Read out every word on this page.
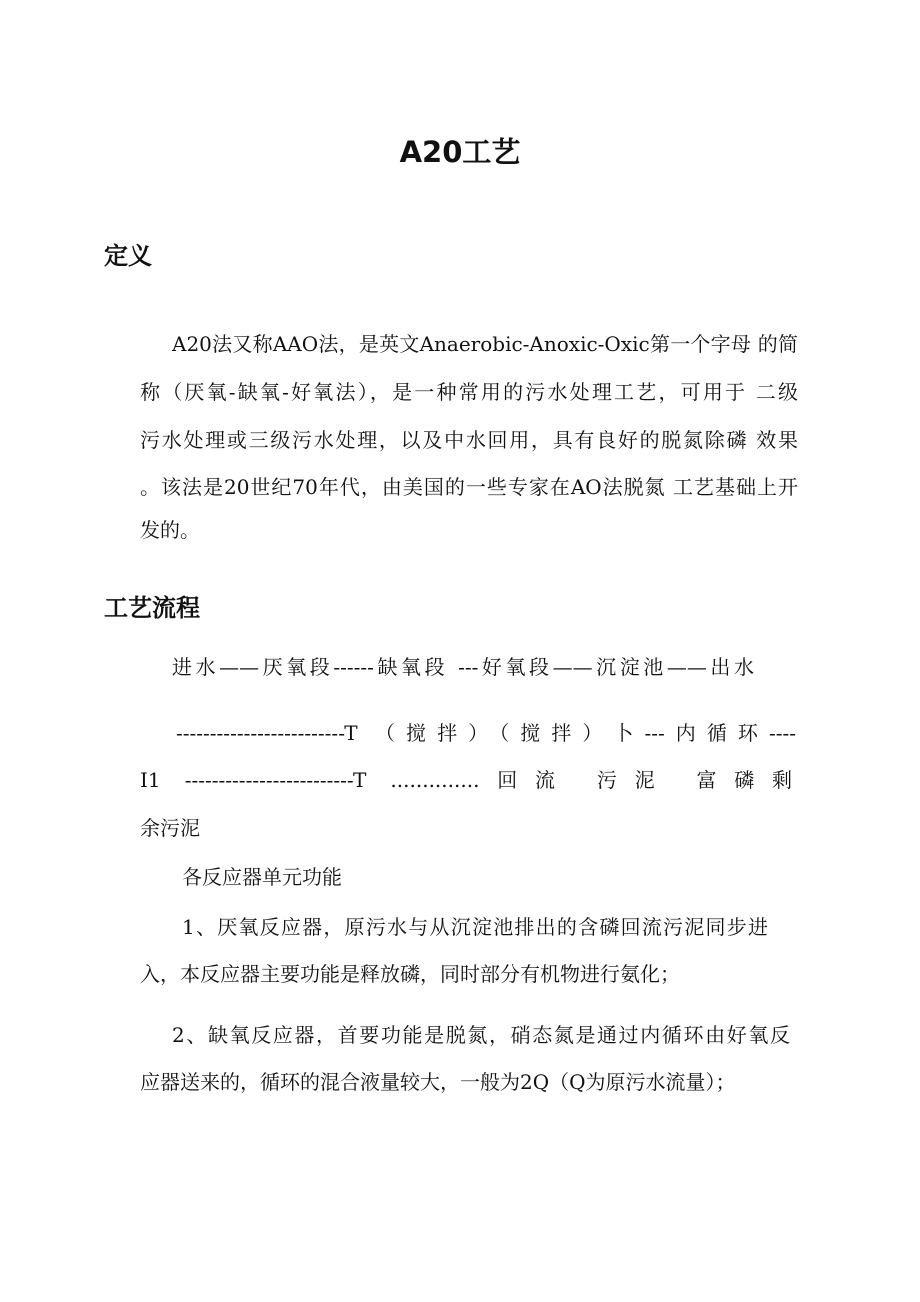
A20工艺
定义
A20法又称AAO法，是英文Anaerobic-Anoxic-Oxic第一个字母 的简
称（厌氧-缺氧-好氧法），是一种常用的污水处理工艺，可用于 二级
污水处理或三级污水处理，以及中水回用，具有良好的脱氮除磷 效果
。该法是20世纪70年代，由美国的一些专家在AO法脱氮 工艺基础上开
发的。
工艺流程
进水——厌氧段------缺氧段 ---好氧段——沉淀池——出水
-------------------------T （搅拌）（搅拌）卜---内循环----
I1 -------------------------T ..............回流 污泥 富磷剩
余污泥
各反应器单元功能
1、厌氧反应器，原污水与从沉淀池排出的含磷回流污泥同步进
入，本反应器主要功能是释放磷，同时部分有机物进行氨化；
2、缺氧反应器，首要功能是脱氮，硝态氮是通过内循环由好氧反
应器送来的，循环的混合液量较大，一般为2Q（Q为原污水流量）；
